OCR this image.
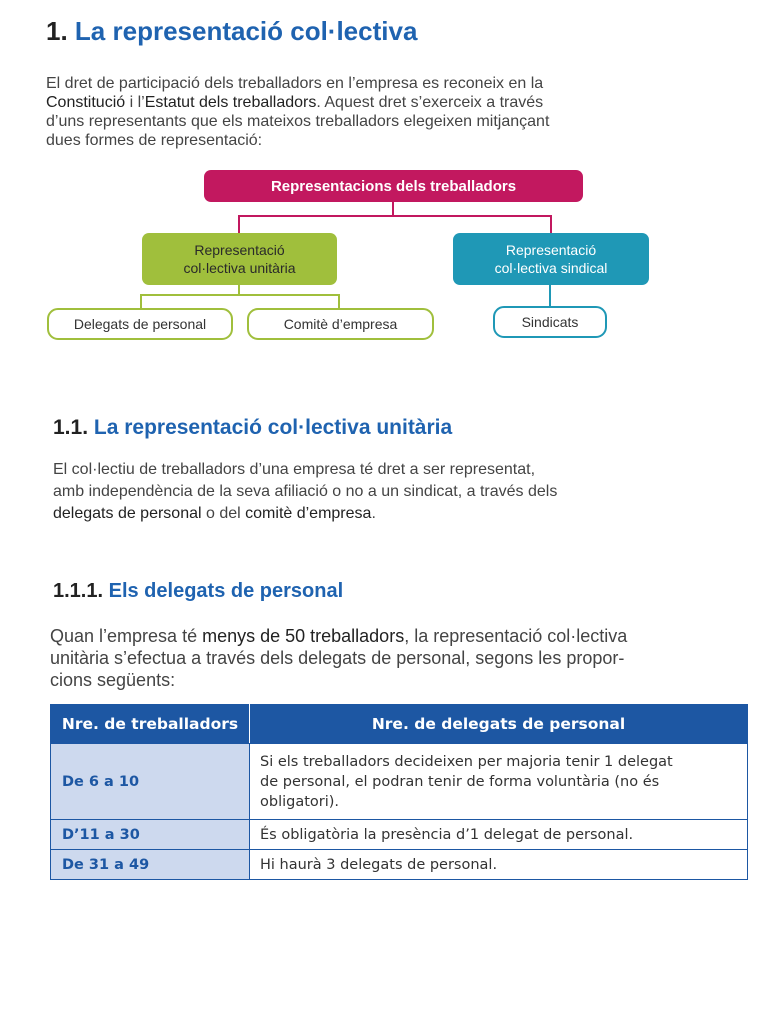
1. La representació col·lectiva
El dret de participació dels treballadors en l’empresa es reconeix en la
Constitució i l’Estatut dels treballadors. Aquest dret s’exerceix a través
d’uns representants que els mateixos treballadors elegeixen mitjançant
dues formes de representació:
Representacions dels treballadors
Representació
col·lectiva unitària
Representació
col·lectiva sindical
Delegats de personal	Comitè d’empresa	Sindicats
1.1. La representació col·lectiva unitària
El col·lectiu de treballadors d’una empresa té dret a ser representat,
amb independència de la seva afiliació o no a un sindicat, a través dels
delegats de personal o del comitè d’empresa.
1.1.1. Els delegats de personal
Quan l’empresa té menys de 50 treballadors, la representació col·lectiva
unitària s’efectua a través dels delegats de personal, segons les propor-
cions següents:
Nre. de treballadors	Nre. de delegats de personal
De 6 a 10	Si els treballadors decideixen per majoria tenir 1 delegat
de personal, el podran tenir de forma voluntària (no és
obligatori).

D’11 a 30	És obligatòria la presència d’1 delegat de personal.
De 31 a 49	Hi haurà 3 delegats de personal.
